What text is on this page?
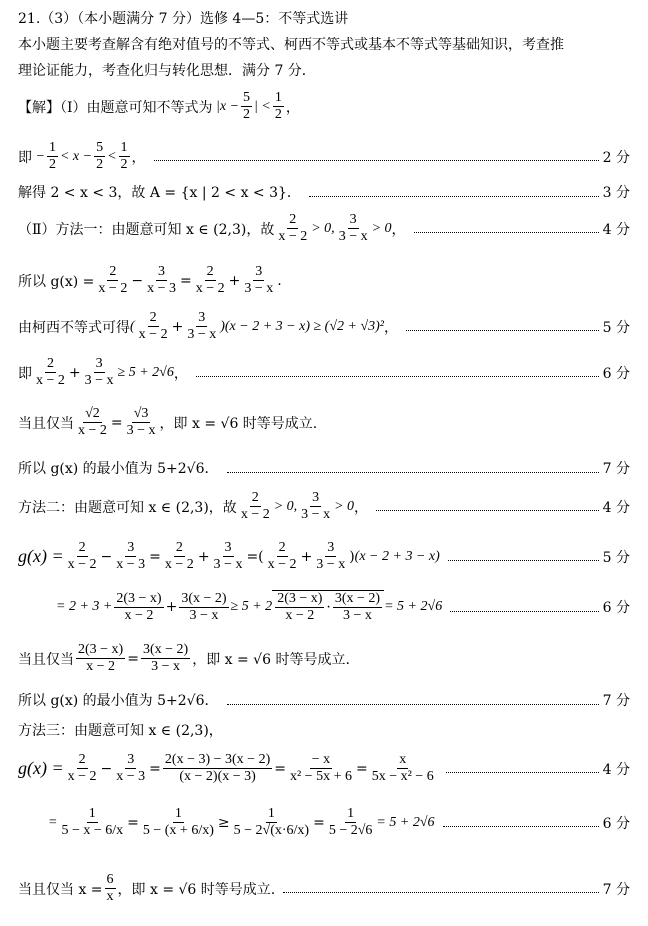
21.（3）（本小题满分 7 分）选修 4—5：不等式选讲
本小题主要考查解含有绝对值号的不等式、柯西不等式或基本不等式等基础知识，考查推
理论证能力，考查化归与转化思想．满分 7 分．
【解】（Ⅰ）由题意可知不等式为 $|x - \frac{5}{2}$ | < $\frac{1}{2}$ ，
即 − $\frac{1}{2} < x - \frac{5}{2} < \frac{1}{2}$ ，	2 分
解得 2 < x < 3，故 A = {x | 2 < x < 3}．	3 分
（Ⅱ）方法一：由题意可知 x ∈ (2,3)，故 $\frac{2}{x - 2} > 0$, $\frac{3}{3 - x} > 0$ ，	4 分
所以 $g(x) = \frac{2}{x - 2} - \frac{3}{x - 3} = \frac{2}{x - 2} + \frac{3}{3 - x}$ .
由柯西不等式可得 ( $\frac{2}{x - 2} + \frac{3}{3 - x} )(x - 2 + 3 - x) \ge (√2 + √3)^2$ ，	5 分
即 $\frac{2}{x - 2} + \frac{3}{3 - x} \ge 5 + 2√6$ ，	6 分
当且仅当 $\frac{√2}{x - 2} = \frac{√3}{3 - x}$ ，即 x = √6 时等号成立.
所以 g(x) 的最小值为 5+2√6．	7 分
方法二：由题意可知 x ∈ (2,3)，故 $\frac{2}{x - 2} > 0$, $\frac{3}{3 - x} > 0$ ，	4 分
$g(x) = \frac{2}{x - 2} - \frac{3}{x - 3} = \frac{2}{x - 2} + \frac{3}{3 - x}$ =( $\frac{2}{x - 2} + \frac{3}{3 - x}$ ) (x − 2 + 3 − x)	5 分
= $2 + 3 + \frac{2(3 - x)}{x - 2} + \frac{3(x - 2)}{3 - x} \ge 5 + 2 \frac{2(3 - x)}{x - 2} \cdot \frac{3(x - 2)}{3 - x} = 5 + 2√6$	6 分
当且仅当 $\frac{2(3 - x)}{x - 2} = \frac{3(x - 2)}{3 - x}$ ，即 x = √6 时等号成立.
所以 g(x) 的最小值为 5+2√6．	7 分
方法三：由题意可知 x ∈ (2,3)，
$g(x) = \frac{2}{x - 2} - \frac{3}{x - 3} = \frac{2(x - 3) - 3(x - 2)}{(x - 2)(x - 3)} = \frac{- x}{\text{x² − 5x + 6}} = \frac{x}{\text{5x − x² − 6}}$	4 分
= $\frac{1}{5 - x - 6/x} = \frac{1}{5 - (x + 6/x)} \ge \frac{1}{5 - 2√(x\cdot 6/x)} = \frac{1}{5 - 2√6} = 5 + 2√6$	6 分
当且仅当 $x = \frac{6}{x}$ ，即 x = √6 时等号成立.	7 分
